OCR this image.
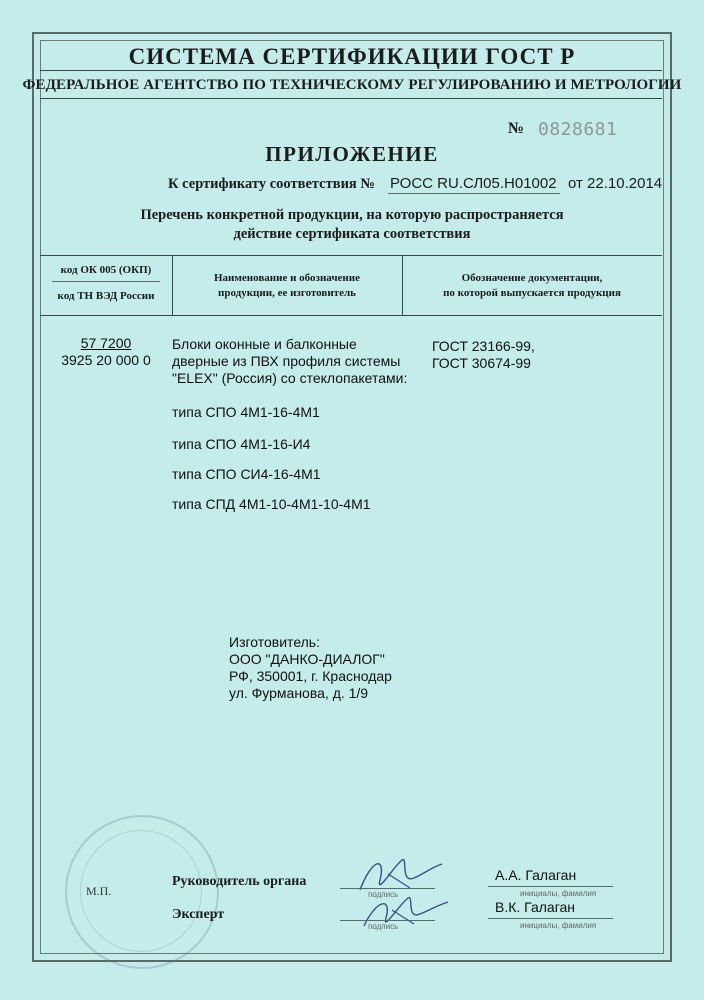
СИСТЕМА СЕРТИФИКАЦИИ ГОСТ Р
ФЕДЕРАЛЬНОЕ АГЕНТСТВО ПО ТЕХНИЧЕСКОМУ РЕГУЛИРОВАНИЮ И МЕТРОЛОГИИ
№ 0828681
ПРИЛОЖЕНИЕ
К сертификату соответствия № РОСС RU.СЛ05.Н01002 от 22.10.2014
Перечень конкретной продукции, на которую распространяется
действие сертификата соответствия
код ОК 005 (ОКП)
код ТН ВЭД России
Наименование и обозначение
продукции, ее изготовитель
Обозначение документации,
по которой выпускается продукция
57 7200
3925 20 000 0
Блоки оконные и балконные
дверные из ПВХ профиля системы
"ELEX" (Россия) со стеклопакетами:
типа СПО 4М1-16-4М1
типа СПО 4М1-16-И4
типа СПО СИ4-16-4М1
типа СПД 4М1-10-4М1-10-4М1
ГОСТ 23166-99,
ГОСТ 30674-99
Изготовитель:
ООО "ДАНКО-ДИАЛОГ"
РФ, 350001, г. Краснодар
ул. Фурманова, д. 1/9
М.П.
Руководитель органа
Эксперт
подпись
подпись
А.А. Галаган
инициалы, фамилия
В.К. Галаган
инициалы, фамилия
